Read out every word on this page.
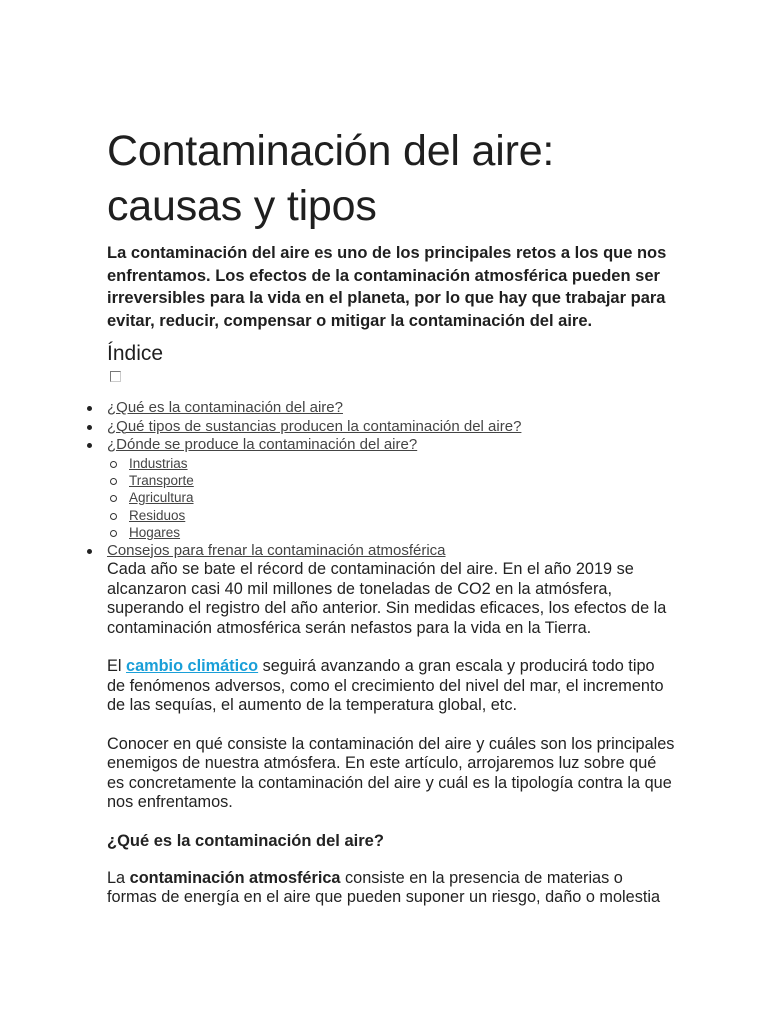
Contaminación del aire:
causas y tipos

La contaminación del aire es uno de los principales retos a los que nos enfrentamos. Los efectos de la contaminación atmosférica pueden ser irreversibles para la vida en el planeta, por lo que hay que trabajar para evitar, reducir, compensar o mitigar la contaminación del aire.

Índice
¿Qué es la contaminación del aire?
¿Qué tipos de sustancias producen la contaminación del aire?
¿Dónde se produce la contaminación del aire?
Industrias
Transporte
Agricultura
Residuos
Hogares
Consejos para frenar la contaminación atmosférica

Cada año se bate el récord de contaminación del aire. En el año 2019 se alcanzaron casi 40 mil millones de toneladas de CO2 en la atmósfera, superando el registro del año anterior. Sin medidas eficaces, los efectos de la contaminación atmosférica serán nefastos para la vida en la Tierra.

El cambio climático seguirá avanzando a gran escala y producirá todo tipo de fenómenos adversos, como el crecimiento del nivel del mar, el incremento de las sequías, el aumento de la temperatura global, etc.

Conocer en qué consiste la contaminación del aire y cuáles son los principales enemigos de nuestra atmósfera. En este artículo, arrojaremos luz sobre qué es concretamente la contaminación del aire y cuál es la tipología contra la que nos enfrentamos.

¿Qué es la contaminación del aire?

La contaminación atmosférica consiste en la presencia de materias o formas de energía en el aire que pueden suponer un riesgo, daño o molestia
